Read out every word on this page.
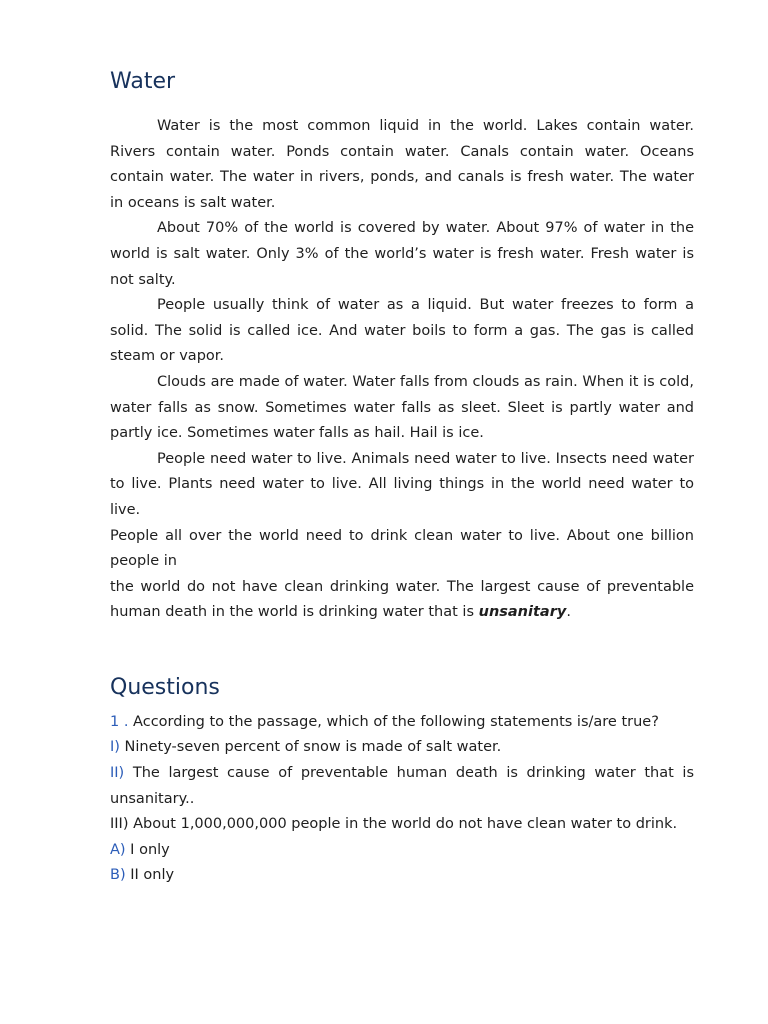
Water

Water is the most common liquid in the world. Lakes contain water. Rivers contain water. Ponds contain water. Canals contain water. Oceans contain water. The water in rivers, ponds, and canals is fresh water. The water in oceans is salt water.

About 70% of the world is covered by water. About 97% of water in the world is salt water. Only 3% of the world’s water is fresh water. Fresh water is not salty.

People usually think of water as a liquid. But water freezes to form a solid. The solid is called ice. And water boils to form a gas. The gas is called steam or vapor.

Clouds are made of water. Water falls from clouds as rain. When it is cold, water falls as snow. Sometimes water falls as sleet. Sleet is partly water and partly ice. Sometimes water falls as hail. Hail is ice.

People need water to live. Animals need water to live. Insects need water to live. Plants need water to live. All living things in the world need water to live.

People all over the world need to drink clean water to live. About one billion people in

the world do not have clean drinking water. The largest cause of preventable human death in the world is drinking water that is unsanitary.

Questions

1 . According to the passage, which of the following statements is/are true?

I) Ninety-seven percent of snow is made of salt water.

II) The largest cause of preventable human death is drinking water that is unsanitary..

III) About 1,000,000,000 people in the world do not have clean water to drink.

A) I only

B) II only
